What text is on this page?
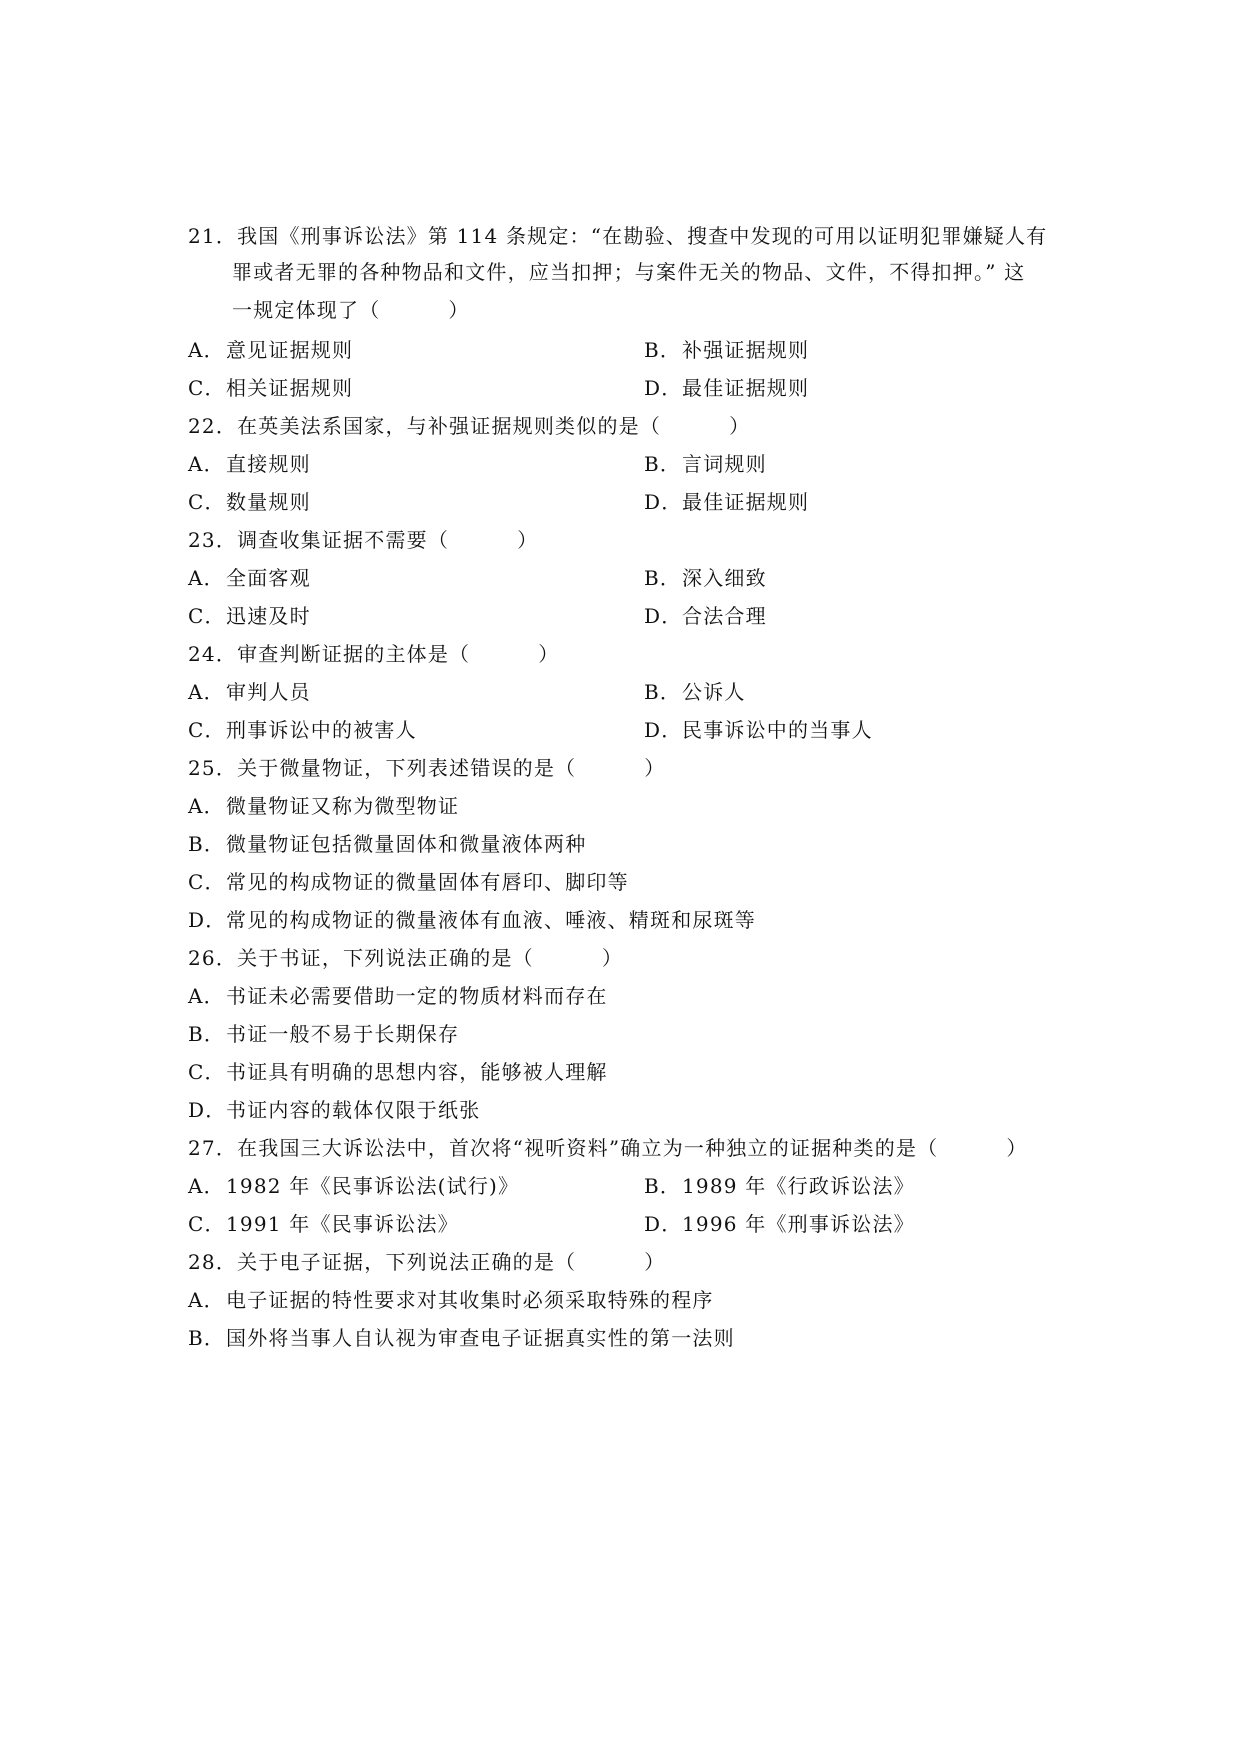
21．我国《刑事诉讼法》第 114 条规定：“在勘验、搜查中发现的可用以证明犯罪嫌疑人有
罪或者无罪的各种物品和文件，应当扣押；与案件无关的物品、文件，不得扣押。” 这
一规定体现了（	）
A．意见证据规则	B．补强证据规则
C．相关证据规则	D．最佳证据规则
22．在英美法系国家，与补强证据规则类似的是（	）
A．直接规则	B．言词规则
C．数量规则	D．最佳证据规则
23．调查收集证据不需要（	）
A．全面客观	B．深入细致
C．迅速及时	D．合法合理
24．审查判断证据的主体是（	）
A．审判人员	B．公诉人
C．刑事诉讼中的被害人	D．民事诉讼中的当事人
25．关于微量物证，下列表述错误的是（	）
A．微量物证又称为微型物证
B．微量物证包括微量固体和微量液体两种
C．常见的构成物证的微量固体有唇印、脚印等
D．常见的构成物证的微量液体有血液、唾液、精斑和尿斑等
26．关于书证，下列说法正确的是（	）
A．书证未必需要借助一定的物质材料而存在
B．书证一般不易于长期保存
C．书证具有明确的思想内容，能够被人理解
D．书证内容的载体仅限于纸张
27．在我国三大诉讼法中，首次将“视听资料”确立为一种独立的证据种类的是（	）
A．1982 年《民事诉讼法(试行)》	B．1989 年《行政诉讼法》
C．1991 年《民事诉讼法》	D．1996 年《刑事诉讼法》
28．关于电子证据，下列说法正确的是（	）
A．电子证据的特性要求对其收集时必须采取特殊的程序
B．国外将当事人自认视为审查电子证据真实性的第一法则
